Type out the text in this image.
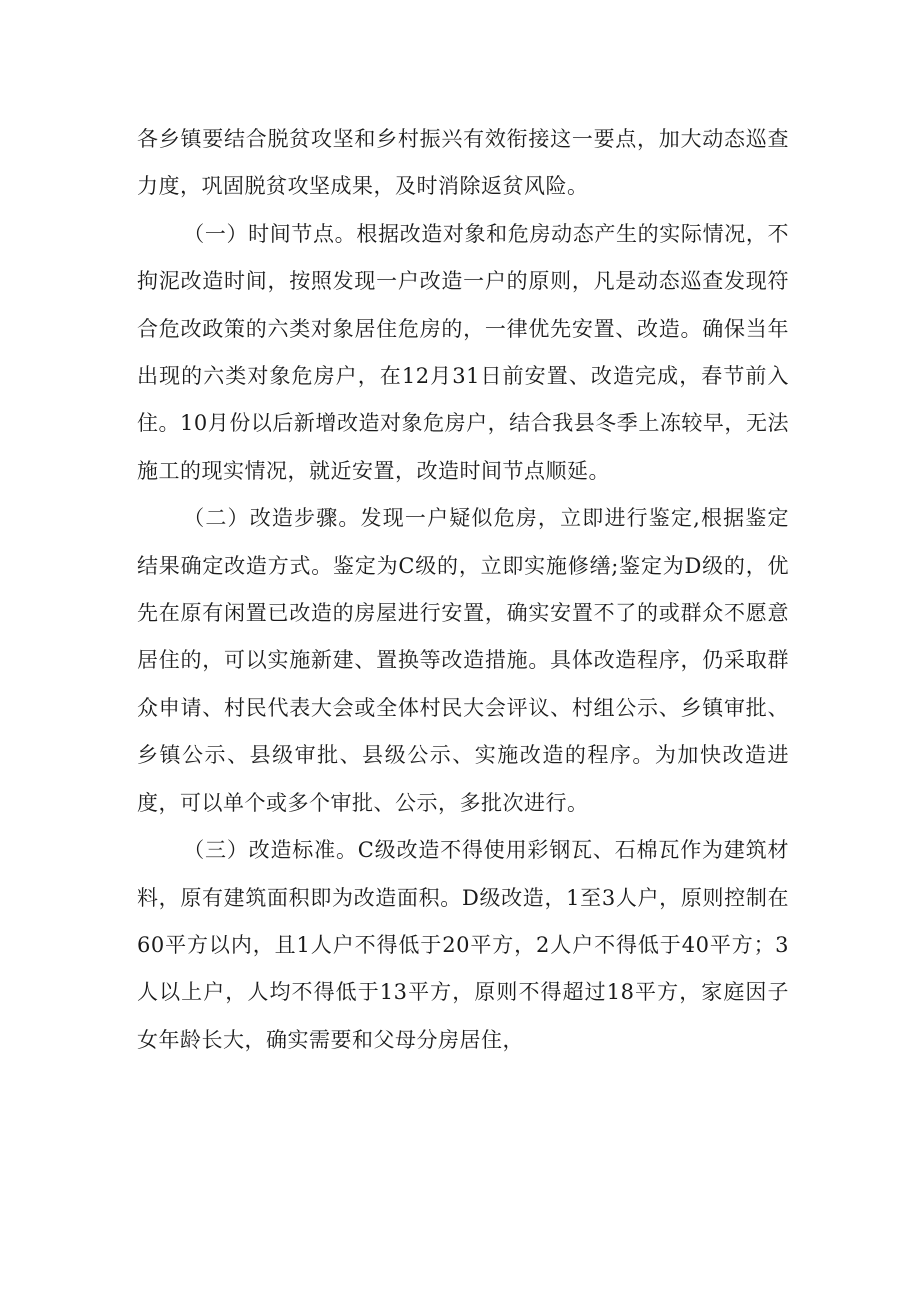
各乡镇要结合脱贫攻坚和乡村振兴有效衔接这一要点，加大动态巡查力度，巩固脱贫攻坚成果，及时消除返贫风险。

（一）时间节点。根据改造对象和危房动态产生的实际情况，不拘泥改造时间，按照发现一户改造一户的原则，凡是动态巡查发现符合危改政策的六类对象居住危房的，一律优先安置、改造。确保当年出现的六类对象危房户，在12月31日前安置、改造完成，春节前入住。10月份以后新增改造对象危房户，结合我县冬季上冻较早，无法施工的现实情况，就近安置，改造时间节点顺延。

（二）改造步骤。发现一户疑似危房，立即进行鉴定,根据鉴定结果确定改造方式。鉴定为C级的，立即实施修缮;鉴定为D级的，优先在原有闲置已改造的房屋进行安置，确实安置不了的或群众不愿意居住的，可以实施新建、置换等改造措施。具体改造程序，仍采取群众申请、村民代表大会或全体村民大会评议、村组公示、乡镇审批、乡镇公示、县级审批、县级公示、实施改造的程序。为加快改造进度，可以单个或多个审批、公示，多批次进行。

（三）改造标准。C级改造不得使用彩钢瓦、石棉瓦作为建筑材料，原有建筑面积即为改造面积。D级改造，1至3人户，原则控制在60平方以内，且1人户不得低于20平方，2人户不得低于40平方；3人以上户，人均不得低于13平方，原则不得超过18平方，家庭因子女年龄长大，确实需要和父母分房居住，
